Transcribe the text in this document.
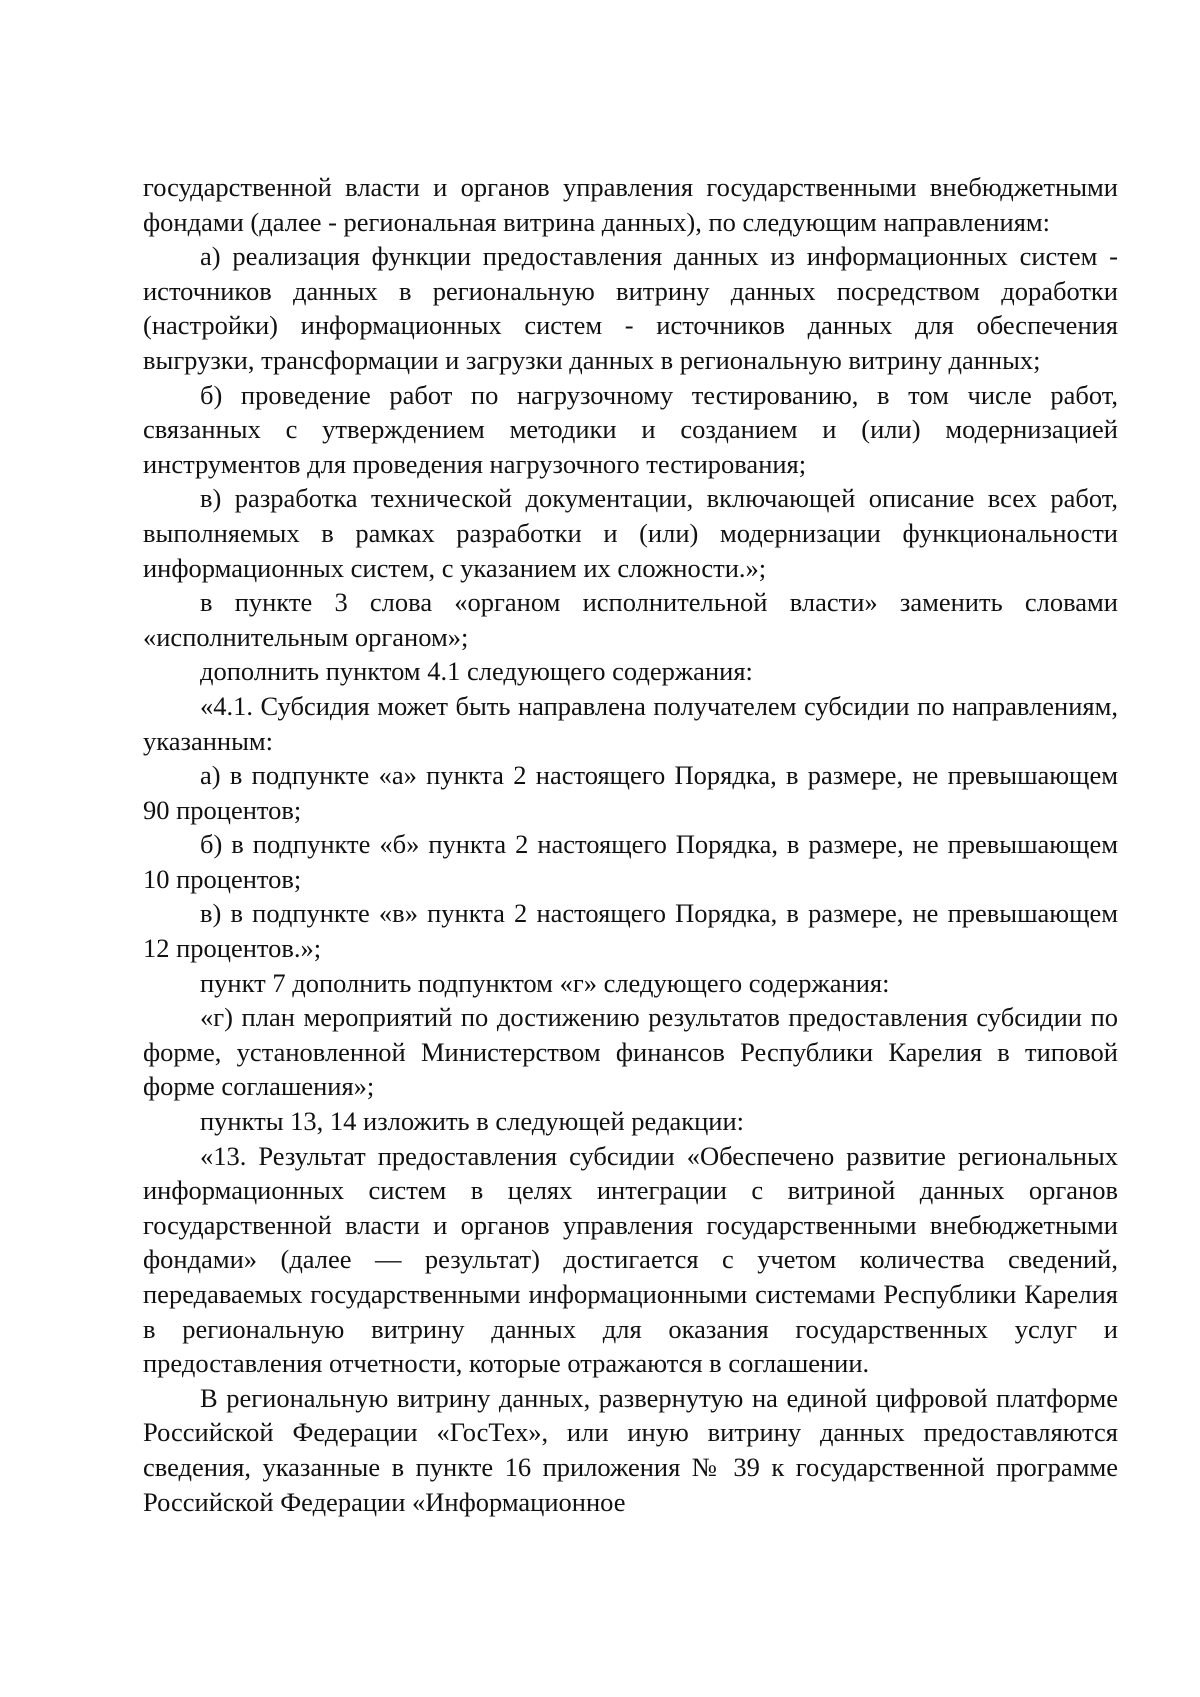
государственной власти и органов управления государственными внебюджетными фондами (далее - региональная витрина данных), по следующим направлениям:

а) реализация функции предоставления данных из информационных систем - источников данных в региональную витрину данных посредством доработки (настройки) информационных систем - источников данных для обеспечения выгрузки, трансформации и загрузки данных в региональную витрину данных;

б) проведение работ по нагрузочному тестированию, в том числе работ, связанных с утверждением методики и созданием и (или) модернизацией инструментов для проведения нагрузочного тестирования;

в) разработка технической документации, включающей описание всех работ, выполняемых в рамках разработки и (или) модернизации функциональности информационных систем, с указанием их сложности.»;

в пункте 3 слова «органом исполнительной власти» заменить словами «исполнительным органом»;

дополнить пунктом 4.1 следующего содержания:

«4.1. Субсидия может быть направлена получателем субсидии по направлениям, указанным:

а) в подпункте «а» пункта 2 настоящего Порядка, в размере, не превышающем 90 процентов;

б) в подпункте «б» пункта 2 настоящего Порядка, в размере, не превышающем 10 процентов;

в) в подпункте «в» пункта 2 настоящего Порядка, в размере, не превышающем 12 процентов.»;

пункт 7 дополнить подпунктом «г» следующего содержания:

«г) план мероприятий по достижению результатов предоставления субсидии по форме, установленной Министерством финансов Республики Карелия в типовой форме соглашения»;

пункты 13, 14 изложить в следующей редакции:

«13. Результат предоставления субсидии «Обеспечено развитие региональных информационных систем в целях интеграции с витриной данных органов государственной власти и органов управления государственными внебюджетными фондами» (далее — результат) достигается с учетом количества сведений, передаваемых государственными информационными системами Республики Карелия в региональную витрину данных для оказания государственных услуг и предоставления отчетности, которые отражаются в соглашении.

В региональную витрину данных, развернутую на единой цифровой платформе Российской Федерации «ГосТех», или иную витрину данных предоставляются сведения, указанные в пункте 16 приложения № 39 к государственной программе Российской Федерации «Информационное
